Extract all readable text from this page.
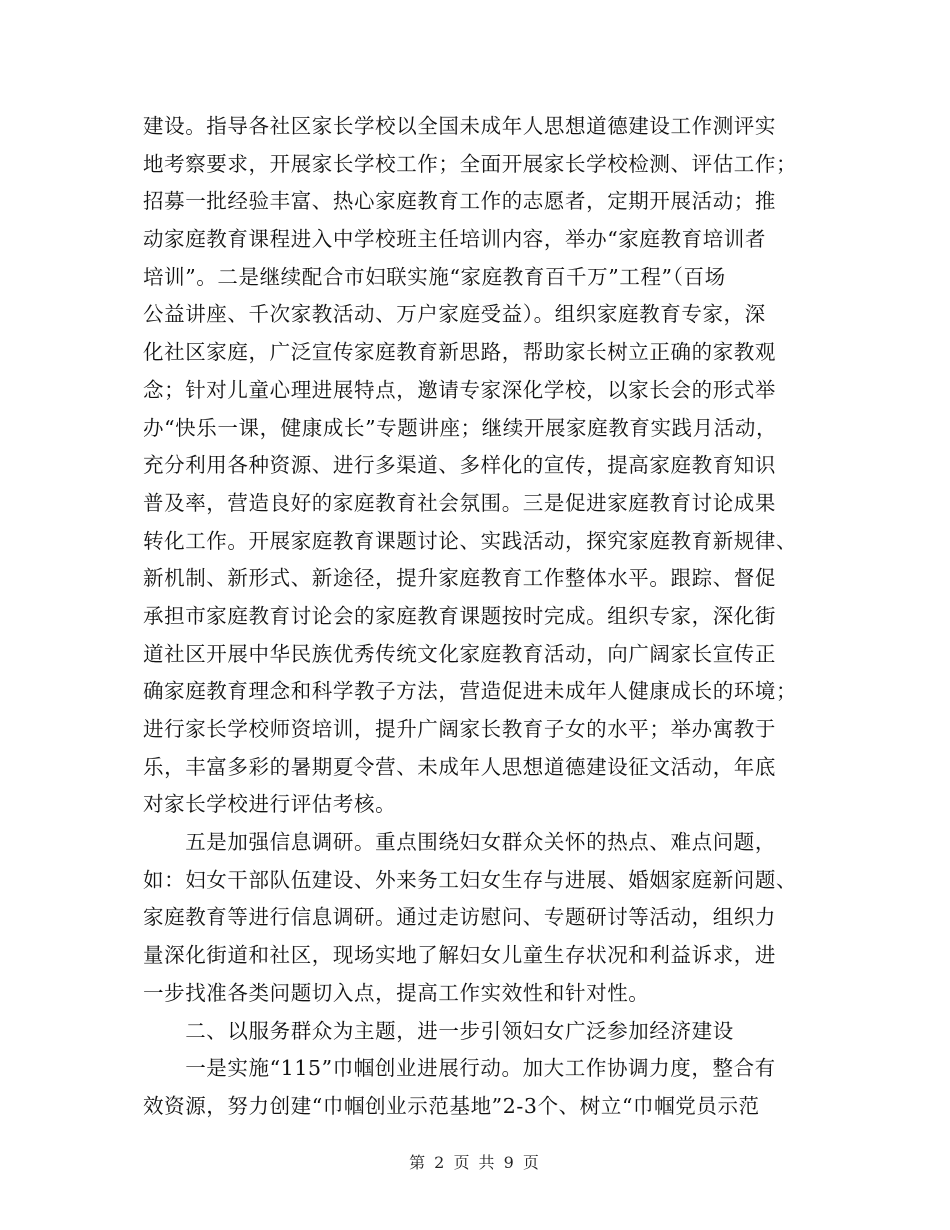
建设。指导各社区家长学校以全国未成年人思想道德建设工作测评实
地考察要求，开展家长学校工作；全面开展家长学校检测、评估工作；
招募一批经验丰富、热心家庭教育工作的志愿者，定期开展活动；推
动家庭教育课程进入中学校班主任培训内容，举办“家庭教育培训者
培训”。二是继续配合市妇联实施“家庭教育百千万”工程”（百场
公益讲座、千次家教活动、万户家庭受益）。组织家庭教育专家，深
化社区家庭，广泛宣传家庭教育新思路，帮助家长树立正确的家教观
念；针对儿童心理进展特点，邀请专家深化学校，以家长会的形式举
办“快乐一课，健康成长”专题讲座；继续开展家庭教育实践月活动，
充分利用各种资源、进行多渠道、多样化的宣传，提高家庭教育知识
普及率，营造良好的家庭教育社会氛围。三是促进家庭教育讨论成果
转化工作。开展家庭教育课题讨论、实践活动，探究家庭教育新规律、
新机制、新形式、新途径，提升家庭教育工作整体水平。跟踪、督促
承担市家庭教育讨论会的家庭教育课题按时完成。组织专家，深化街
道社区开展中华民族优秀传统文化家庭教育活动，向广阔家长宣传正
确家庭教育理念和科学教子方法，营造促进未成年人健康成长的环境；
进行家长学校师资培训，提升广阔家长教育子女的水平；举办寓教于
乐，丰富多彩的暑期夏令营、未成年人思想道德建设征文活动，年底
对家长学校进行评估考核。
　　五是加强信息调研。重点围绕妇女群众关怀的热点、难点问题，
如：妇女干部队伍建设、外来务工妇女生存与进展、婚姻家庭新问题、
家庭教育等进行信息调研。通过走访慰问、专题研讨等活动，组织力
量深化街道和社区，现场实地了解妇女儿童生存状况和利益诉求，进
一步找准各类问题切入点，提高工作实效性和针对性。
　　二、以服务群众为主题，进一步引领妇女广泛参加经济建设
　　一是实施“115”巾帼创业进展行动。加大工作协调力度，整合有
效资源，努力创建“巾帼创业示范基地”2-3个、树立“巾帼党员示范
第 2 页 共 9 页
